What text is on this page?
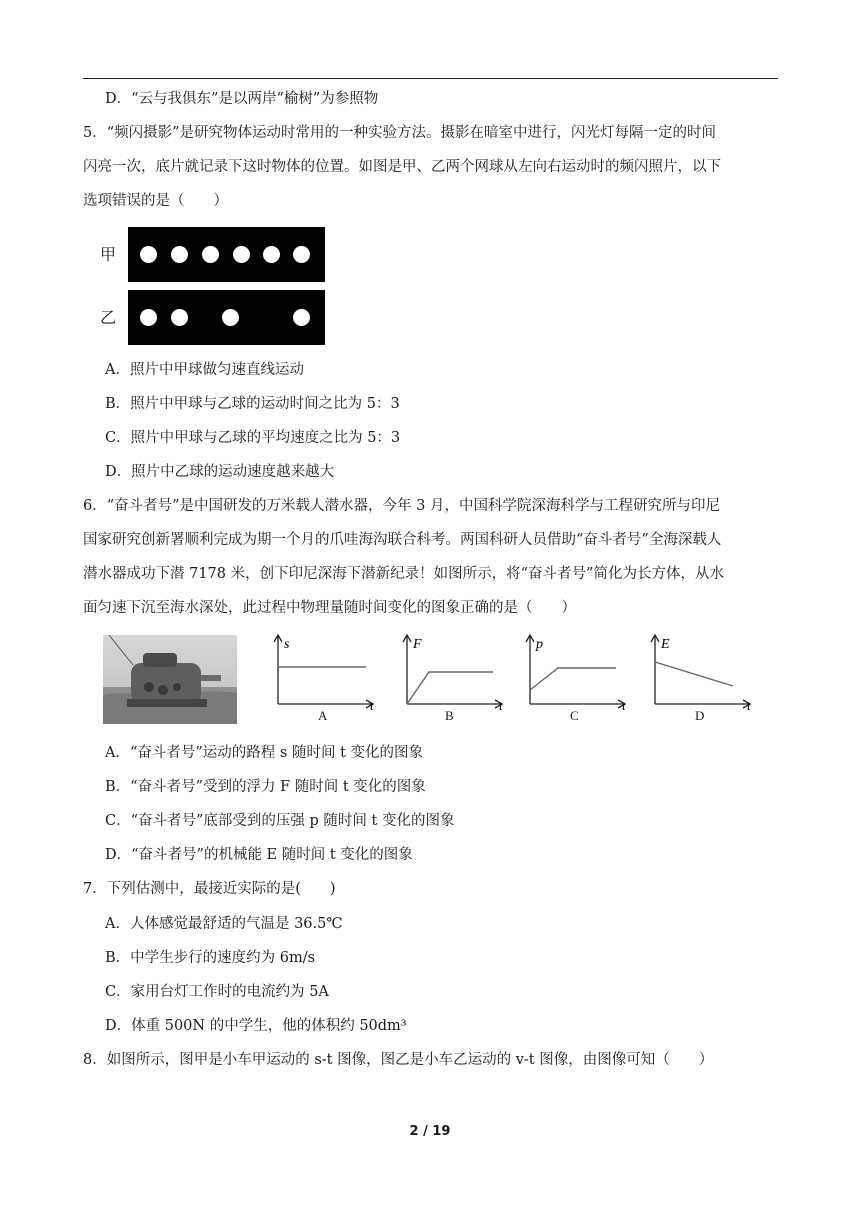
D．“云与我俱东”是以两岸“榆树”为参照物
5．“频闪摄影”是研究物体运动时常用的一种实验方法。摄影在暗室中进行，闪光灯每隔一定的时间
闪亮一次，底片就记录下这时物体的位置。如图是甲、乙两个网球从左向右运动时的频闪照片，以下
选项错误的是（　　）
甲
乙
A．照片中甲球做匀速直线运动
B．照片中甲球与乙球的运动时间之比为 5：3
C．照片中甲球与乙球的平均速度之比为 5：3
D．照片中乙球的运动速度越来越大
6．“奋斗者号”是中国研发的万米载人潜水器，今年 3 月，中国科学院深海科学与工程研究所与印尼
国家研究创新署顺利完成为期一个月的爪哇海沟联合科考。两国科研人员借助“奋斗者号”全海深载人
潜水器成功下潜 7178 米，创下印尼深海下潜新纪录！如图所示，将“奋斗者号”简化为长方体，从水
面匀速下沉至海水深处，此过程中物理量随时间变化的图象正确的是（　　）
s
t
A
F
t
B
p
t
C
E
t
D
A．“奋斗者号”运动的路程 s 随时间 t 变化的图象
B．“奋斗者号”受到的浮力 F 随时间 t 变化的图象
C．“奋斗者号”底部受到的压强 p 随时间 t 变化的图象
D．“奋斗者号”的机械能 E 随时间 t 变化的图象
7．下列估测中，最接近实际的是(　　)
A．人体感觉最舒适的气温是 36.5℃
B．中学生步行的速度约为 6m/s
C．家用台灯工作时的电流约为 5A
D．体重 500N 的中学生，他的体积约 50dm³
8．如图所示，图甲是小车甲运动的 s-t 图像，图乙是小车乙运动的 v-t 图像，由图像可知（　　）
2 / 19
